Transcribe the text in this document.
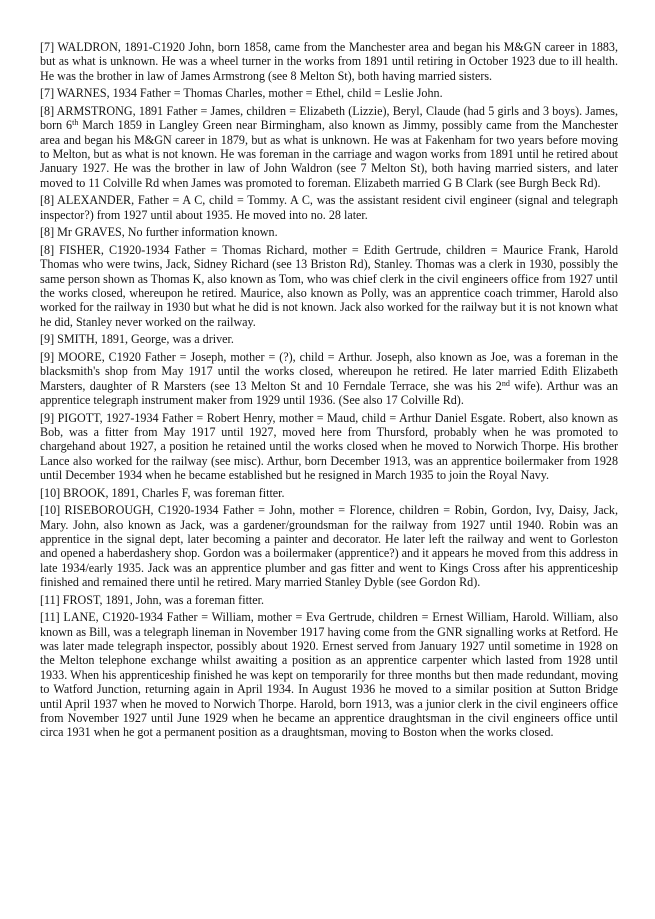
[7] WALDRON, 1891-C1920 John, born 1858, came from the Manchester area and began his M&GN career in 1883, but as what is unknown. He was a wheel turner in the works from 1891 until retiring in October 1923 due to ill health. He was the brother in law of James Armstrong (see 8 Melton St), both having married sisters.

[7] WARNES, 1934 Father = Thomas Charles, mother = Ethel, child = Leslie John.

[8] ARMSTRONG, 1891 Father = James, children = Elizabeth (Lizzie), Beryl, Claude (had 5 girls and 3 boys). James, born 6th March 1859 in Langley Green near Birmingham, also known as Jimmy, possibly came from the Manchester area and began his M&GN career in 1879, but as what is unknown. He was at Fakenham for two years before moving to Melton, but as what is not known. He was foreman in the carriage and wagon works from 1891 until he retired about January 1927. He was the brother in law of John Waldron (see 7 Melton St), both having married sisters, and later moved to 11 Colville Rd when James was promoted to foreman. Elizabeth married G B Clark (see Burgh Beck Rd).

[8] ALEXANDER, Father = A C, child = Tommy. A C, was the assistant resident civil engineer (signal and telegraph inspector?) from 1927 until about 1935. He moved into no. 28 later.

[8] Mr GRAVES, No further information known.

[8] FISHER, C1920-1934 Father = Thomas Richard, mother = Edith Gertrude, children = Maurice Frank, Harold Thomas who were twins, Jack, Sidney Richard (see 13 Briston Rd), Stanley. Thomas was a clerk in 1930, possibly the same person shown as Thomas K, also known as Tom, who was chief clerk in the civil engineers office from 1927 until the works closed, whereupon he retired. Maurice, also known as Polly, was an apprentice coach trimmer, Harold also worked for the railway in 1930 but what he did is not known. Jack also worked for the railway but it is not known what he did, Stanley never worked on the railway.

[9] SMITH, 1891, George, was a driver.

[9] MOORE, C1920 Father = Joseph, mother = (?), child = Arthur. Joseph, also known as Joe, was a foreman in the blacksmith's shop from May 1917 until the works closed, whereupon he retired. He later married Edith Elizabeth Marsters, daughter of R Marsters (see 13 Melton St and 10 Ferndale Terrace, she was his 2nd wife). Arthur was an apprentice telegraph instrument maker from 1929 until 1936. (See also 17 Colville Rd).

[9] PIGOTT, 1927-1934 Father = Robert Henry, mother = Maud, child = Arthur Daniel Esgate. Robert, also known as Bob, was a fitter from May 1917 until 1927, moved here from Thursford, probably when he was promoted to chargehand about 1927, a position he retained until the works closed when he moved to Norwich Thorpe. His brother Lance also worked for the railway (see misc). Arthur, born December 1913, was an apprentice boilermaker from 1928 until December 1934 when he became established but he resigned in March 1935 to join the Royal Navy.

[10] BROOK, 1891, Charles F, was foreman fitter.

[10] RISEBOROUGH, C1920-1934 Father = John, mother = Florence, children = Robin, Gordon, Ivy, Daisy, Jack, Mary. John, also known as Jack, was a gardener/groundsman for the railway from 1927 until 1940. Robin was an apprentice in the signal dept, later becoming a painter and decorator. He later left the railway and went to Gorleston and opened a haberdashery shop. Gordon was a boilermaker (apprentice?) and it appears he moved from this address in late 1934/early 1935. Jack was an apprentice plumber and gas fitter and went to Kings Cross after his apprenticeship finished and remained there until he retired. Mary married Stanley Dyble (see Gordon Rd).

[11] FROST, 1891, John, was a foreman fitter.

[11] LANE, C1920-1934 Father = William, mother = Eva Gertrude, children = Ernest William, Harold. William, also known as Bill, was a telegraph lineman in November 1917 having come from the GNR signalling works at Retford. He was later made telegraph inspector, possibly about 1920. Ernest served from January 1927 until sometime in 1928 on the Melton telephone exchange whilst awaiting a position as an apprentice carpenter which lasted from 1928 until 1933. When his apprenticeship finished he was kept on temporarily for three months but then made redundant, moving to Watford Junction, returning again in April 1934. In August 1936 he moved to a similar position at Sutton Bridge until April 1937 when he moved to Norwich Thorpe. Harold, born 1913, was a junior clerk in the civil engineers office from November 1927 until June 1929 when he became an apprentice draughtsman in the civil engineers office until circa 1931 when he got a permanent position as a draughtsman, moving to Boston when the works closed.
